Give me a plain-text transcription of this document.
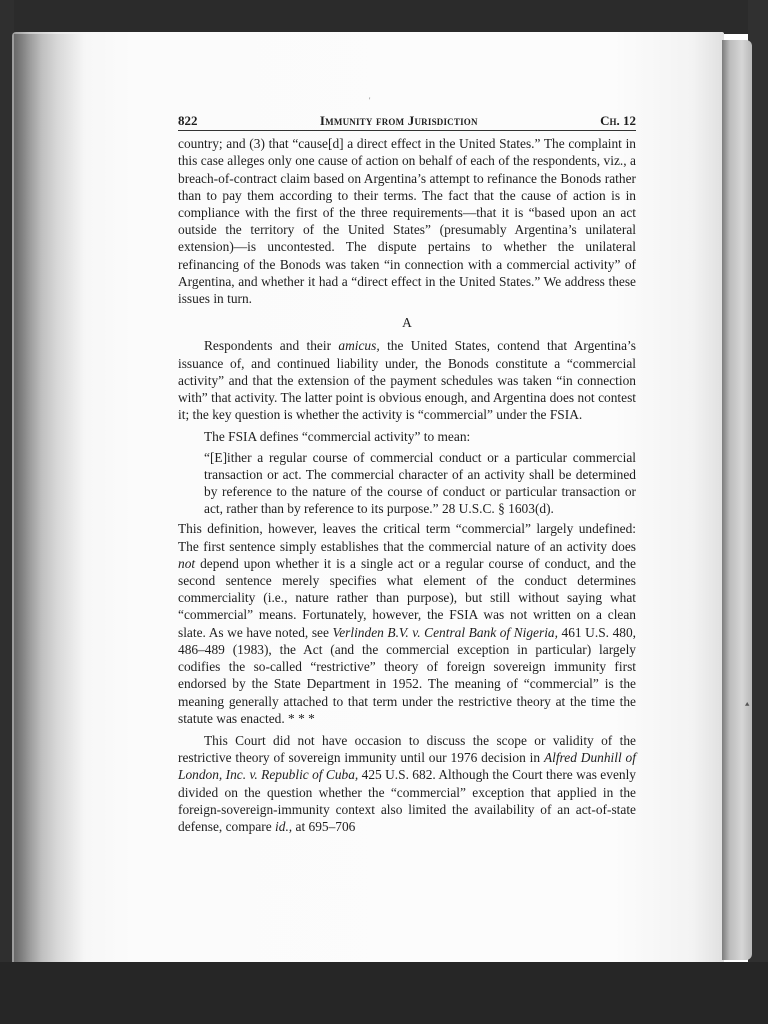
'
⯅
822	Immunity from Jurisdiction	Ch. 12

country; and (3) that “cause[d] a direct effect in the United States.” The complaint in this case alleges only one cause of action on behalf of each of the respondents, viz., a breach-of-contract claim based on Argentina’s attempt to refinance the Bonods rather than to pay them according to their terms. The fact that the cause of action is in compliance with the first of the three requirements—that it is “based upon an act outside the territory of the United States” (presumably Argentina’s unilateral extension)—is uncontested. The dispute pertains to whether the unilateral refinancing of the Bonods was taken “in connection with a commercial activity” of Argentina, and whether it had a “direct effect in the United States.” We address these issues in turn.

A

Respondents and their amicus, the United States, contend that Argentina’s issuance of, and continued liability under, the Bonods constitute a “commercial activity” and that the extension of the payment schedules was taken “in connection with” that activity. The latter point is obvious enough, and Argentina does not contest it; the key question is whether the activity is “commercial” under the FSIA.

The FSIA defines “commercial activity” to mean:

“[E]ither a regular course of commercial conduct or a particular commercial transaction or act. The commercial character of an activity shall be determined by reference to the nature of the course of conduct or particular transaction or act, rather than by reference to its purpose.” 28 U.S.C. § 1603(d).

This definition, however, leaves the critical term “commercial” largely undefined: The first sentence simply establishes that the commercial nature of an activity does not depend upon whether it is a single act or a regular course of conduct, and the second sentence merely specifies what element of the conduct determines commerciality (i.e., nature rather than purpose), but still without saying what “commercial” means. Fortunately, however, the FSIA was not written on a clean slate. As we have noted, see Verlinden B.V. v. Central Bank of Nigeria, 461 U.S. 480, 486–489 (1983), the Act (and the commercial exception in particular) largely codifies the so-called “restrictive” theory of foreign sovereign immunity first endorsed by the State Department in 1952. The meaning of “commercial” is the meaning generally attached to that term under the restrictive theory at the time the statute was enacted. * * *

This Court did not have occasion to discuss the scope or validity of the restrictive theory of sovereign immunity until our 1976 decision in Alfred Dunhill of London, Inc. v. Republic of Cuba, 425 U.S. 682. Although the Court there was evenly divided on the question whether the “commercial” exception that applied in the foreign-sovereign-immunity context also limited the availability of an act-of-state defense, compare id., at 695–706
